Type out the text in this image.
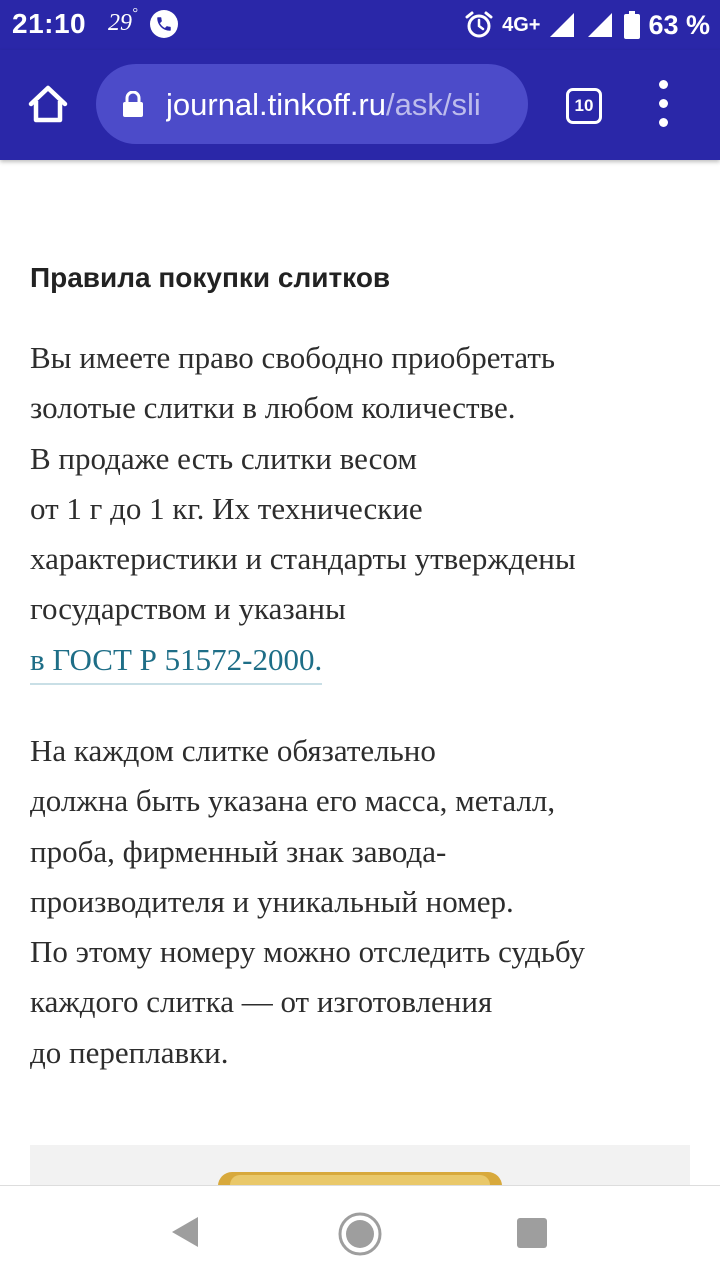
21:10 29°	4G+	63 %
journal.tinkoff.ru/ask/sli	10
Правила покупки слитков

Вы имеете право свободно приобретать
золотые слитки в любом количестве.
В продаже есть слитки весом
от 1 г до 1 кг. Их технические
характеристики и стандарты утверждены
государством и указаны
в ГОСТ Р 51572-2000.

На каждом слитке обязательно
должна быть указана его масса, металл,
проба, фирменный знак завода-
производителя и уникальный номер.
По этому номеру можно отследить судьбу
каждого слитка — от изготовления
до переплавки.
